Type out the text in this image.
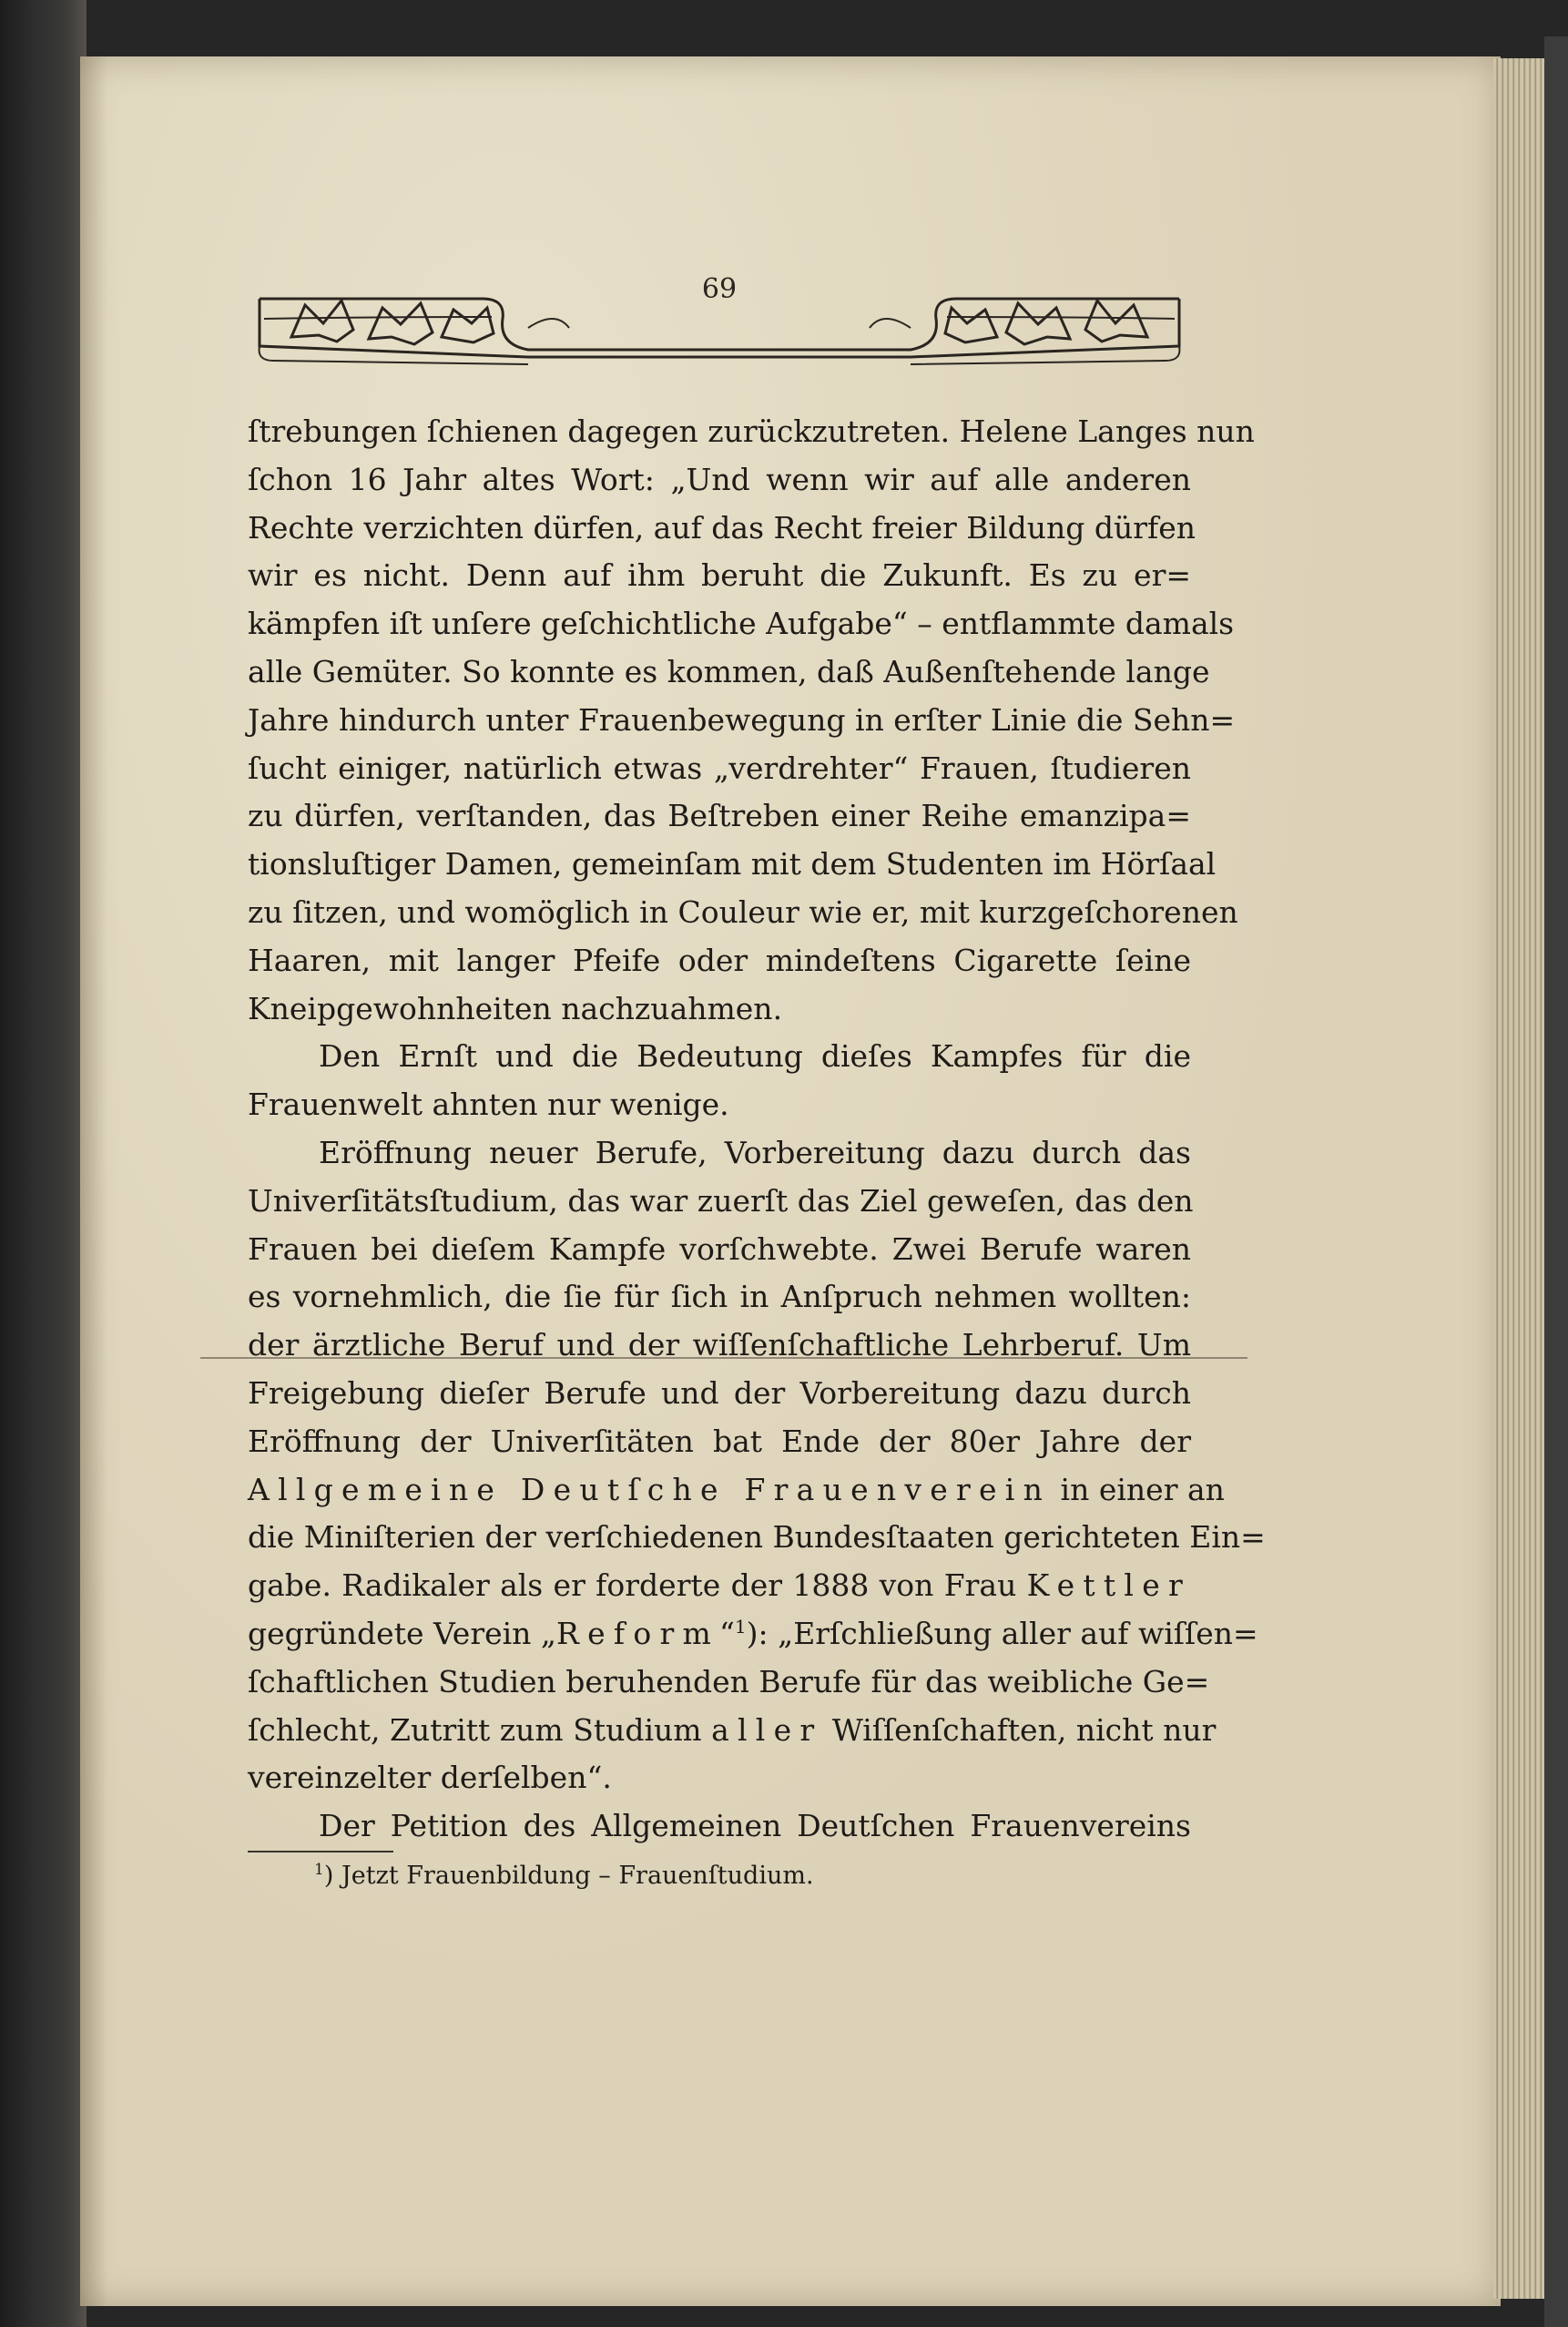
69
ſtrebungen ſchienen dagegen zurückzutreten. Helene Langes nun
ſchon 16 Jahr altes Wort: „Und wenn wir auf alle anderen
Rechte verzichten dürfen, auf das Recht freier Bildung dürfen
wir es nicht. Denn auf ihm beruht die Zukunft. Es zu er=
kämpfen iſt unſere geſchichtliche Aufgabe“ – entflammte damals
alle Gemüter. So konnte es kommen, daß Außenſtehende lange
Jahre hindurch unter Frauenbewegung in erſter Linie die Sehn=
ſucht einiger, natürlich etwas „verdrehter“ Frauen, ſtudieren
zu dürfen, verſtanden, das Beſtreben einer Reihe emanzipa=
tionsluſtiger Damen, gemeinſam mit dem Studenten im Hörſaal
zu ſitzen, und womöglich in Couleur wie er, mit kurzgeſchorenen
Haaren, mit langer Pfeife oder mindeſtens Cigarette ſeine
Kneipgewohnheiten nachzuahmen.
Den Ernſt und die Bedeutung dieſes Kampfes für die
Frauenwelt ahnten nur wenige.
Eröffnung neuer Berufe, Vorbereitung dazu durch das
Univerſitätsſtudium, das war zuerſt das Ziel geweſen, das den
Frauen bei dieſem Kampfe vorſchwebte. Zwei Berufe waren
es vornehmlich, die ſie für ſich in Anſpruch nehmen wollten:
der ärztliche Beruf und der wiſſenſchaftliche Lehrberuf. Um
Freigebung dieſer Berufe und der Vorbereitung dazu durch
Eröffnung der Univerſitäten bat Ende der 80er Jahre der
Allgemeine Deutſche Frauenverein in einer an
die Miniſterien der verſchiedenen Bundesſtaaten gerichteten Ein=
gabe. Radikaler als er forderte der 1888 von Frau Kettler
gegründete Verein „Reform“$^1$): „Erſchließung aller auf wiſſen=
ſchaftlichen Studien beruhenden Berufe für das weibliche Ge=
ſchlecht, Zutritt zum Studium aller Wiſſenſchaften, nicht nur
vereinzelter derſelben“.
Der Petition des Allgemeinen Deutſchen Frauenvereins
$^1$) Jetzt Frauenbildung – Frauenſtudium.
